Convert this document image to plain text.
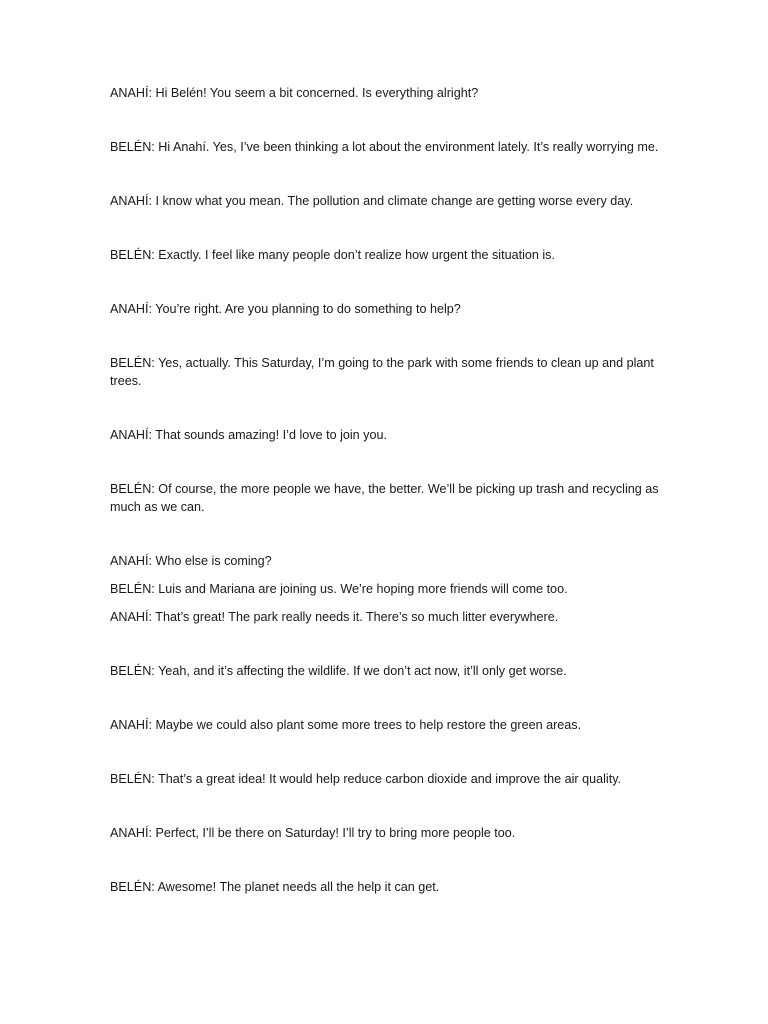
ANAHÍ: Hi Belén! You seem a bit concerned. Is everything alright?

BELÉN: Hi Anahí. Yes, I’ve been thinking a lot about the environment lately. It’s really worrying me.

ANAHÍ: I know what you mean. The pollution and climate change are getting worse every day.

BELÉN: Exactly. I feel like many people don’t realize how urgent the situation is.

ANAHÍ: You’re right. Are you planning to do something to help?

BELÉN: Yes, actually. This Saturday, I’m going to the park with some friends to clean up and plant trees.

ANAHÍ: That sounds amazing! I’d love to join you.

BELÉN: Of course, the more people we have, the better. We’ll be picking up trash and recycling as much as we can.

ANAHÍ: Who else is coming?

BELÉN: Luis and Mariana are joining us. We’re hoping more friends will come too.

ANAHÍ: That’s great! The park really needs it. There’s so much litter everywhere.

BELÉN: Yeah, and it’s affecting the wildlife. If we don’t act now, it’ll only get worse.

ANAHÍ: Maybe we could also plant some more trees to help restore the green areas.

BELÉN: That’s a great idea! It would help reduce carbon dioxide and improve the air quality.

ANAHÍ: Perfect, I’ll be there on Saturday! I’ll try to bring more people too.

BELÉN: Awesome! The planet needs all the help it can get.
